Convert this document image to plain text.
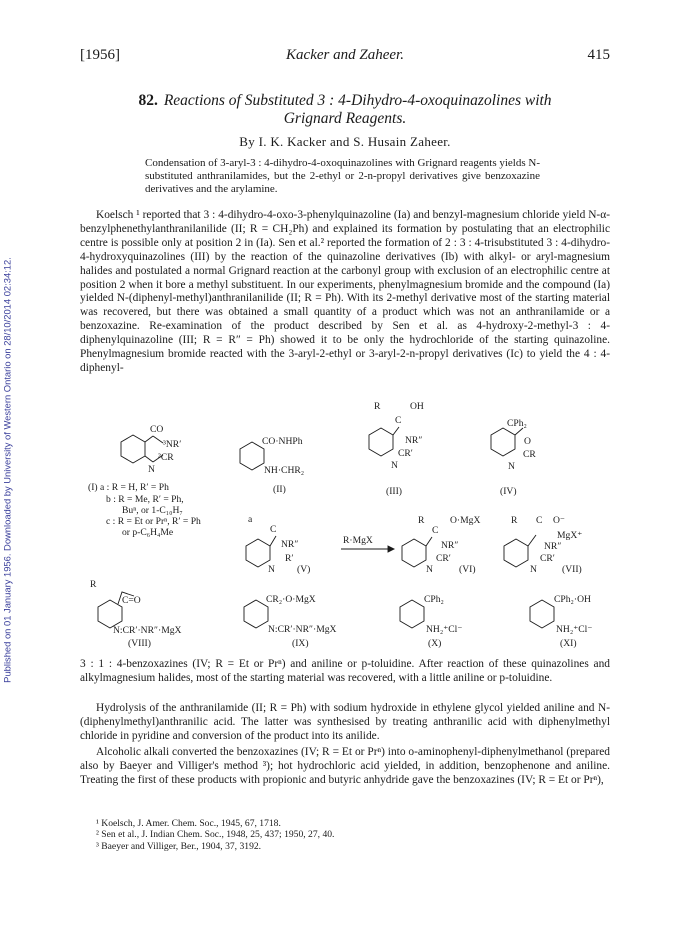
Published on 01 January 1956. Downloaded by University of Western Ontario on 28/10/2014 02:34:12.
[1956]	Kacker and Zaheer.	415
82. Reactions of Substituted 3 : 4-Dihydro-4-oxoquinazolines with
Grignard Reagents.
By I. K. Kacker and S. Husain Zaheer.
Condensation of 3-aryl-3 : 4-dihydro-4-oxoquinazolines with Grignard reagents yields N-substituted anthranilamides, but the 2-ethyl or 2-n-propyl derivatives give benzoxazine derivatives and the arylamine.

Koelsch ¹ reported that 3 : 4-dihydro-4-oxo-3-phenylquinazoline (Ia) and benzyl-magnesium chloride yield N-α-benzylphenethylanthranilanilide (II; R = CH₂Ph) and explained its formation by postulating that an electrophilic centre is possible only at position 2 in (Ia). Sen et al.² reported the formation of 2 : 3 : 4-trisubstituted 3 : 4-dihydro-4-hydroxyquinazolines (III) by the reaction of the quinazoline derivatives (Ib) with alkyl- or aryl-magnesium halides and postulated a normal Grignard reaction at the carbonyl group with exclusion of an electrophilic centre at position 2 when it bore a methyl substituent. In our experiments, phenylmagnesium bromide and the compound (Ia) yielded N-(diphenyl-methyl)anthranilanilide (II; R = Ph). With its 2-methyl derivative most of the starting material was recovered, but there was obtained a small quantity of a product which was not an anthranilamide or a benzoxazine. Re-examination of the product described by Sen et al. as 4-hydroxy-2-methyl-3 : 4-diphenylquinazoline (III; R = R″ = Ph) showed it to be only the hydrochloride of the starting quinazoline. Phenylmagnesium bromide reacted with the 3-aryl-2-ethyl or 3-aryl-2-n-propyl derivatives (Ic) to yield the 4 : 4-diphenyl-

CO
³NR′
²CR
N
(I) a : R = H, R′ = Ph
b : R = Me, R′ = Ph,
Buⁿ, or 1-C₁₀H₇
c : R = Et or Prⁿ, R′ = Ph
or p-C₆H₄Me
CO·NHPh
NH·CHR₂
(II)
R	OH
C
NR″
CR′
N
(III)
CPh₂
O
CR
N
(IV)
a
C
NR″
R′
N (V)
R·MgX
R	O·MgX
C
NR″
CR′
N	(VI)
R C O⁻
MgX⁺
NR″
CR′
N	(VII)
R
C=O
N:CR′·NR″·MgX
(VIII)
CR₂·O·MgX
N:CR′·NR″·MgX
(IX)
CPh₂
NH₂⁺Cl⁻
(X)
CPh₂·OH
NH₂⁺Cl⁻
(XI)

3 : 1 : 4-benzoxazines (IV; R = Et or Prⁿ) and aniline or p-toluidine. After reaction of these quinazolines and alkylmagnesium halides, most of the starting material was recovered, with a little aniline or p-toluidine.

Hydrolysis of the anthranilamide (II; R = Ph) with sodium hydroxide in ethylene glycol yielded aniline and N-(diphenylmethyl)anthranilic acid. The latter was synthesised by treating anthranilic acid with diphenylmethyl chloride in pyridine and conversion of the product into its anilide.

Alcoholic alkali converted the benzoxazines (IV; R = Et or Prⁿ) into o-aminophenyl-diphenylmethanol (prepared also by Baeyer and Villiger's method ³); hot hydrochloric acid yielded, in addition, benzophenone and aniline. Treating the first of these products with propionic and butyric anhydride gave the benzoxazines (IV; R = Et or Prⁿ),

¹ Koelsch, J. Amer. Chem. Soc., 1945, 67, 1718.
² Sen et al., J. Indian Chem. Soc., 1948, 25, 437; 1950, 27, 40.
³ Baeyer and Villiger, Ber., 1904, 37, 3192.
